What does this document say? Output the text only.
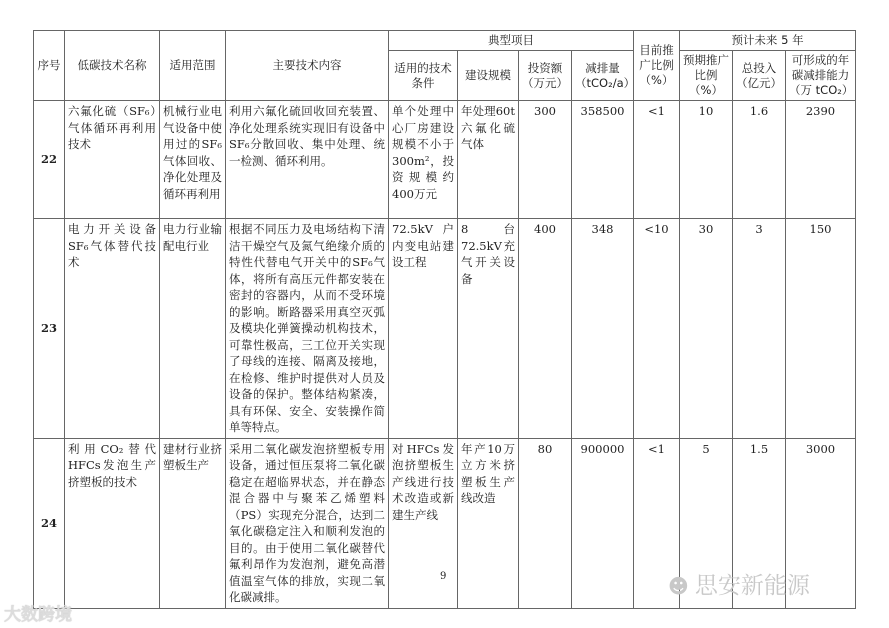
序号	低碳技术名称	适用范围	主要技术内容	典型项目				目前推广比例（%）	预计未来 5 年		
				适用的技术条件	建设规模	投资额（万元）	减排量（tCO₂/a）		预期推广比例（%）	总投入（亿元）	可形成的年碳减排能力（万 tCO₂）
22	六氟化硫（SF₆）气体循环再利用技术	机械行业电气设备中使用过的SF₆气体回收、净化处理及循环再利用	利用六氟化硫回收回充装置、净化处理系统实现旧有设备中SF₆分散回收、集中处理、统一检测、循环利用。	单个处理中心厂房建设规模不小于300m²，投资规模约400万元	年处理60t六氟化硫气体	300	358500	<1	10	1.6	2390
23	电力开关设备SF₆气体替代技术	电力行业输配电行业	根据不同压力及电场结构下清洁干燥空气及氮气绝缘介质的特性代替电气开关中的SF₆气体，将所有高压元件都安装在密封的容器内，从而不受环境的影响。断路器采用真空灭弧及模块化弹簧操动机构技术，可靠性极高，三工位开关实现了母线的连接、隔离及接地，在检修、维护时提供对人员及设备的保护。整体结构紧凑，具有环保、安全、安装操作简单等特点。	72.5kV户内变电站建设工程	8台72.5kV充气开关设备	400	348	<10	30	3	150
24	利用CO₂替代HFCs发泡生产挤塑板的技术	建材行业挤塑板生产	采用二氧化碳发泡挤塑板专用设备，通过恒压泵将二氧化碳稳定在超临界状态，并在静态混合器中与聚苯乙烯塑料（PS）实现充分混合，达到二氧化碳稳定注入和顺利发泡的目的。由于使用二氧化碳替代氟利昂作为发泡剂，避免高潜值温室气体的排放，实现二氧化碳减排。	对HFCs发泡挤塑板生产线进行技术改造或新建生产线	年产10万立方米挤塑板生产线改造	80	900000	<1	5	1.5	3000
9
大数跨境
☻ 思安新能源
